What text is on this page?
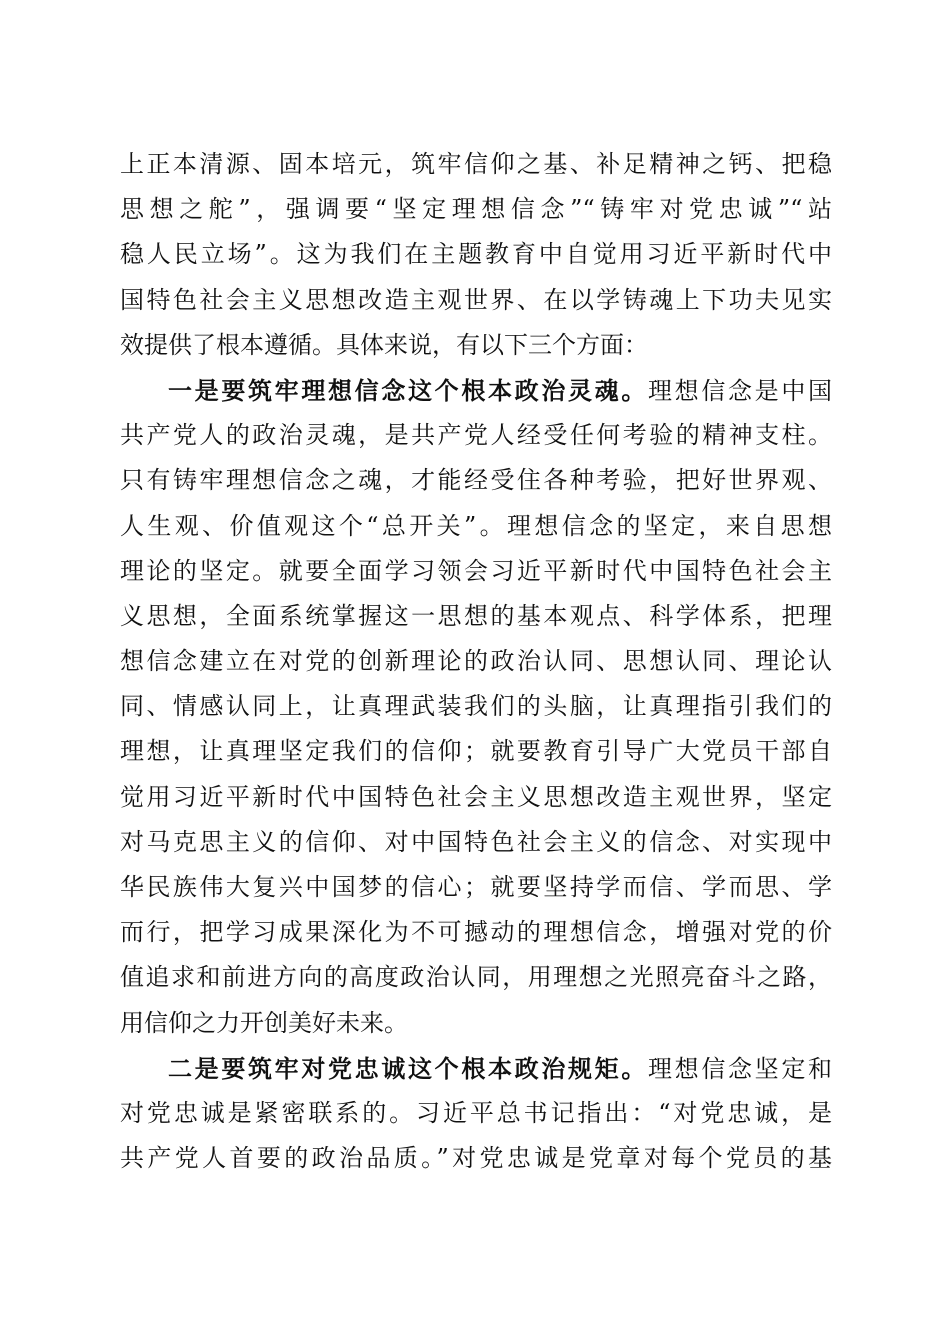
上正本清源、固本培元，筑牢信仰之基、补足精神之钙、把稳
思想之舵”，强调要“坚定理想信念”“铸牢对党忠诚”“站
稳人民立场”。这为我们在主题教育中自觉用习近平新时代中
国特色社会主义思想改造主观世界、在以学铸魂上下功夫见实
效提供了根本遵循。具体来说，有以下三个方面：
一是要筑牢理想信念这个根本政治灵魂。理想信念是中国
共产党人的政治灵魂，是共产党人经受任何考验的精神支柱。
只有铸牢理想信念之魂，才能经受住各种考验，把好世界观、
人生观、价值观这个“总开关”。理想信念的坚定，来自思想
理论的坚定。就要全面学习领会习近平新时代中国特色社会主
义思想，全面系统掌握这一思想的基本观点、科学体系，把理
想信念建立在对党的创新理论的政治认同、思想认同、理论认
同、情感认同上，让真理武装我们的头脑，让真理指引我们的
理想，让真理坚定我们的信仰；就要教育引导广大党员干部自
觉用习近平新时代中国特色社会主义思想改造主观世界，坚定
对马克思主义的信仰、对中国特色社会主义的信念、对实现中
华民族伟大复兴中国梦的信心；就要坚持学而信、学而思、学
而行，把学习成果深化为不可撼动的理想信念，增强对党的价
值追求和前进方向的高度政治认同，用理想之光照亮奋斗之路，
用信仰之力开创美好未来。
二是要筑牢对党忠诚这个根本政治规矩。理想信念坚定和
对党忠诚是紧密联系的。习近平总书记指出：“对党忠诚，是
共产党人首要的政治品质。”对党忠诚是党章对每个党员的基
